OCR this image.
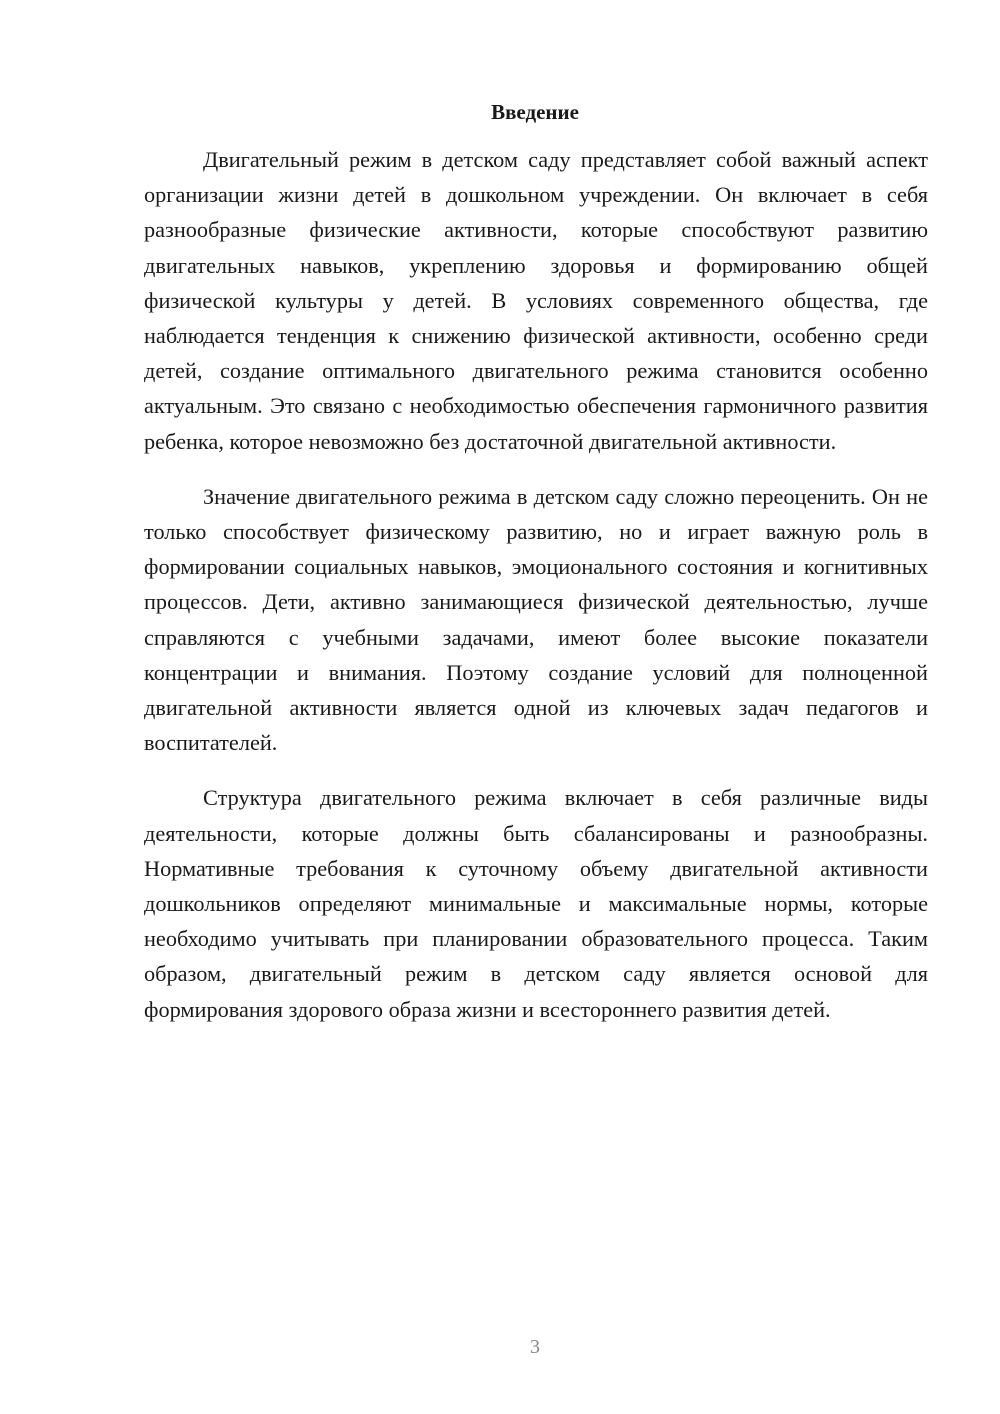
Введение

Двигательный режим в детском саду представляет собой важный аспект организации жизни детей в дошкольном учреждении. Он включает в себя разнообразные физические активности, которые способствуют развитию двигательных навыков, укреплению здоровья и формированию общей физической культуры у детей. В условиях современного общества, где наблюдается тенденция к снижению физической активности, особенно среди детей, создание оптимального двигательного режима становится особенно актуальным. Это связано с необходимостью обеспечения гармоничного развития ребенка, которое невозможно без достаточной двигательной активности.

Значение двигательного режима в детском саду сложно переоценить. Он не только способствует физическому развитию, но и играет важную роль в формировании социальных навыков, эмоционального состояния и когнитивных процессов. Дети, активно занимающиеся физической деятельностью, лучше справляются с учебными задачами, имеют более высокие показатели концентрации и внимания. Поэтому создание условий для полноценной двигательной активности является одной из ключевых задач педагогов и воспитателей.

Структура двигательного режима включает в себя различные виды деятельности, которые должны быть сбалансированы и разнообразны. Нормативные требования к суточному объему двигательной активности дошкольников определяют минимальные и максимальные нормы, которые необходимо учитывать при планировании образовательного процесса. Таким образом, двигательный режим в детском саду является основой для формирования здорового образа жизни и всестороннего развития детей.

3
